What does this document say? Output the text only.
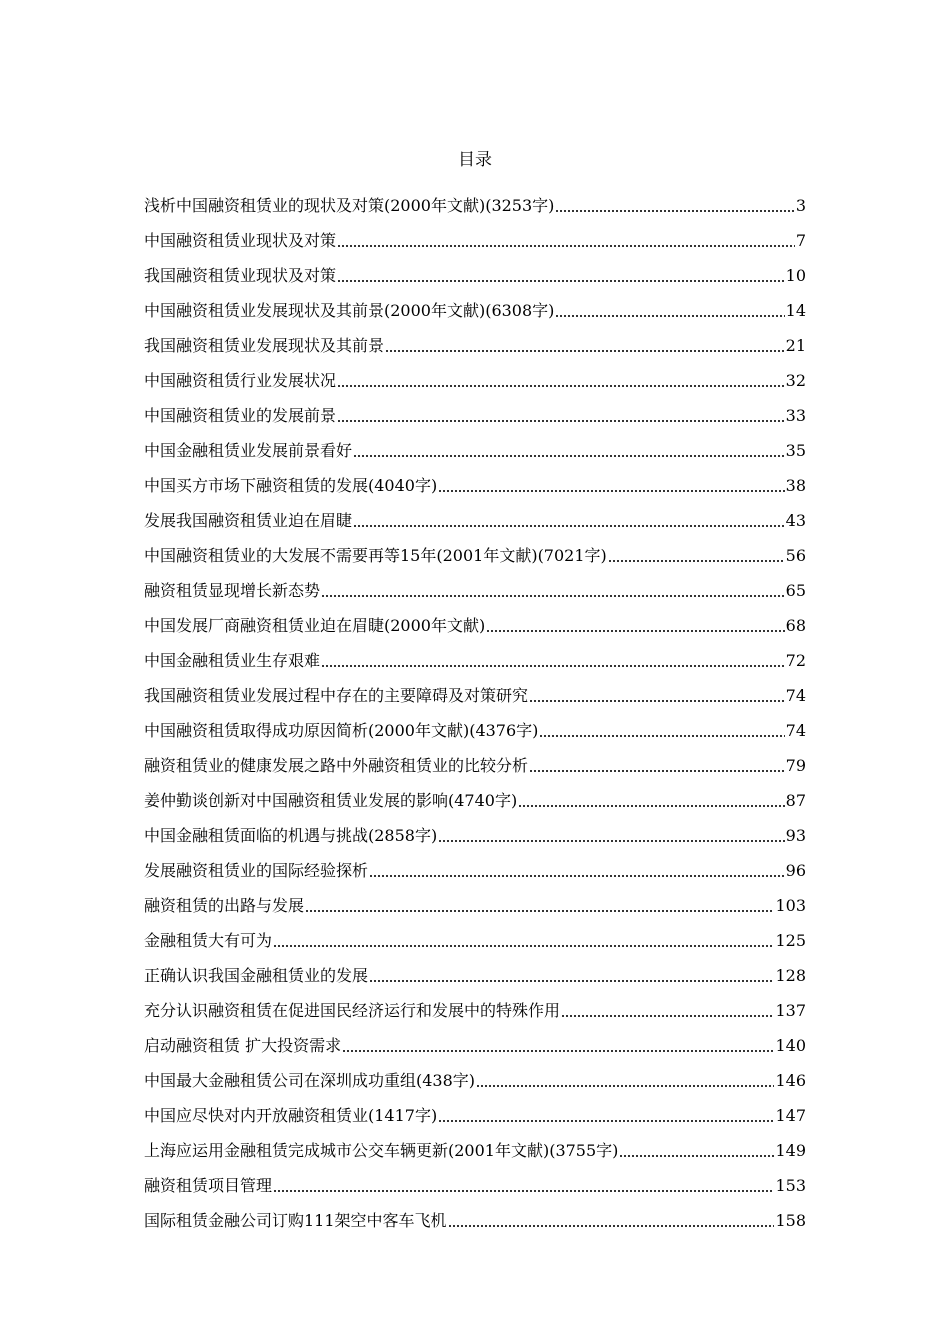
目录
浅析中国融资租赁业的现状及对策(2000年文献)(3253字)	3
中国融资租赁业现状及对策	7
我国融资租赁业现状及对策	10
中国融资租赁业发展现状及其前景(2000年文献)(6308字)	14
我国融资租赁业发展现状及其前景	21
中国融资租赁行业发展状况	32
中国融资租赁业的发展前景	33
中国金融租赁业发展前景看好	35
中国买方市场下融资租赁的发展(4040字)	38
发展我国融资租赁业迫在眉睫	43
中国融资租赁业的大发展不需要再等15年(2001年文献)(7021字)	56
融资租赁显现增长新态势	65
中国发展厂商融资租赁业迫在眉睫(2000年文献)	68
中国金融租赁业生存艰难	72
我国融资租赁业发展过程中存在的主要障碍及对策研究	74
中国融资租赁取得成功原因简析(2000年文献)(4376字)	74
融资租赁业的健康发展之路中外融资租赁业的比较分析	79
姜仲勤谈创新对中国融资租赁业发展的影响(4740字)	87
中国金融租赁面临的机遇与挑战(2858字)	93
发展融资租赁业的国际经验探析	96
融资租赁的出路与发展	103
金融租赁大有可为	125
正确认识我国金融租赁业的发展	128
充分认识融资租赁在促进国民经济运行和发展中的特殊作用	137
启动融资租赁 扩大投资需求	140
中国最大金融租赁公司在深圳成功重组(438字)	146
中国应尽快对内开放融资租赁业(1417字)	147
上海应运用金融租赁完成城市公交车辆更新(2001年文献)(3755字)	149
融资租赁项目管理	153
国际租赁金融公司订购111架空中客车飞机	158
